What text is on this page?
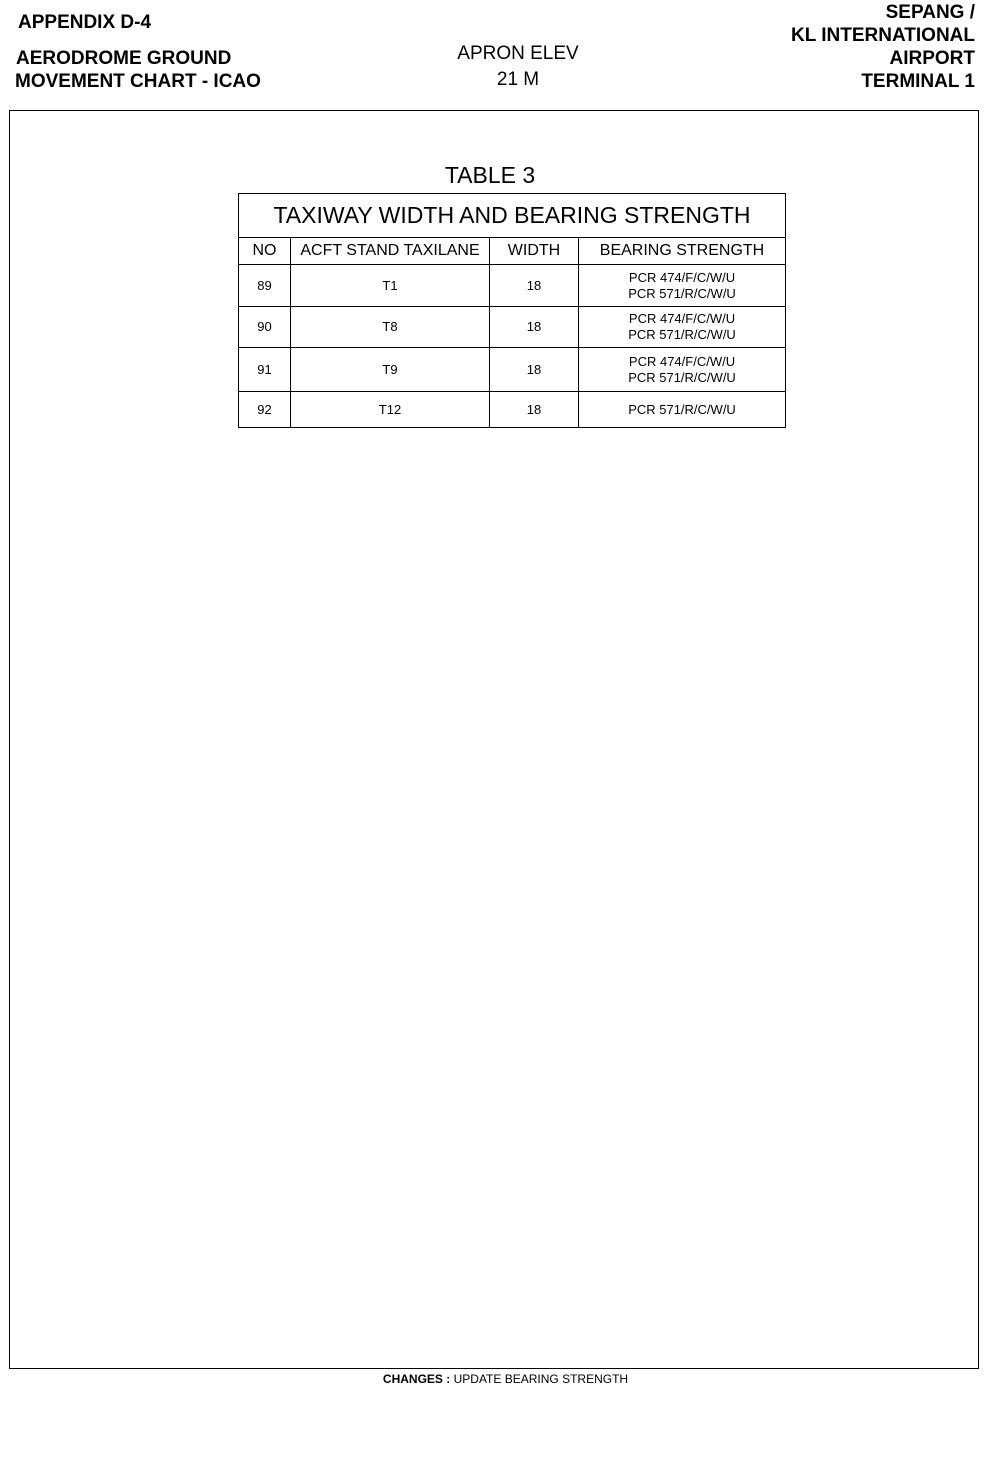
APPENDIX D-4
AERODROME GROUND
MOVEMENT CHART - ICAO
APRON ELEV
21 M
SEPANG /
KL INTERNATIONAL
AIRPORT
TERMINAL 1
TABLE 3
TAXIWAY WIDTH AND BEARING STRENGTH			
NO	ACFT STAND TAXILANE	WIDTH	BEARING STRENGTH
89	T1	18	PCR 474/F/C/W/U
PCR 571/R/C/W/U

90	T8	18	PCR 474/F/C/W/U
PCR 571/R/C/W/U

91	T9	18	PCR 474/F/C/W/U
PCR 571/R/C/W/U

92	T12	18	PCR 571/R/C/W/U
CHANGES : UPDATE BEARING STRENGTH
